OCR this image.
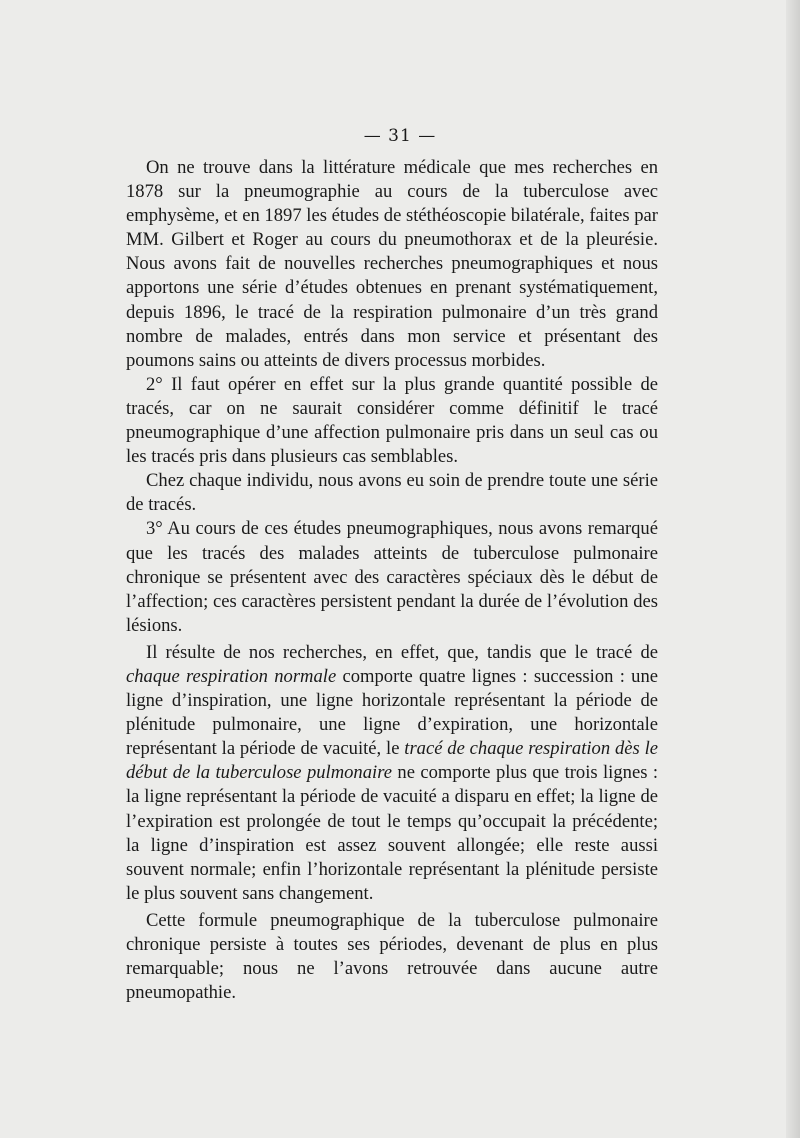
— 31 —

On ne trouve dans la littérature médicale que mes recherches en 1878 sur la pneumographie au cours de la tuberculose avec emphysème, et en 1897 les études de stéthéoscopie bilatérale, faites par MM. Gilbert et Roger au cours du pneumothorax et de la pleurésie. Nous avons fait de nouvelles recherches pneumographiques et nous apportons une série d’études obtenues en prenant systématiquement, depuis 1896, le tracé de la respiration pulmonaire d’un très grand nombre de malades, entrés dans mon service et présentant des poumons sains ou atteints de divers processus morbides.

2° Il faut opérer en effet sur la plus grande quantité possible de tracés, car on ne saurait considérer comme définitif le tracé pneumographique d’une affection pulmonaire pris dans un seul cas ou les tracés pris dans plusieurs cas semblables.

Chez chaque individu, nous avons eu soin de prendre toute une série de tracés.

3° Au cours de ces études pneumographiques, nous avons remarqué que les tracés des malades atteints de tuberculose pulmonaire chronique se présentent avec des caractères spéciaux dès le début de l’affection; ces caractères persistent pendant la durée de l’évolution des lésions.

Il résulte de nos recherches, en effet, que, tandis que le tracé de chaque respiration normale comporte quatre lignes : succession : une ligne d’inspiration, une ligne horizontale représentant la période de plénitude pulmonaire, une ligne d’expiration, une horizontale représentant la période de vacuité, le tracé de chaque respiration dès le début de la tuberculose pulmonaire ne comporte plus que trois lignes : la ligne représentant la période de vacuité a disparu en effet; la ligne de l’expiration est prolongée de tout le temps qu’occupait la précédente; la ligne d’inspiration est assez souvent allongée; elle reste aussi souvent normale; enfin l’horizontale représentant la plénitude persiste le plus souvent sans changement.

Cette formule pneumographique de la tuberculose pulmonaire chronique persiste à toutes ses périodes, devenant de plus en plus remarquable; nous ne l’avons retrouvée dans aucune autre pneumopathie.
